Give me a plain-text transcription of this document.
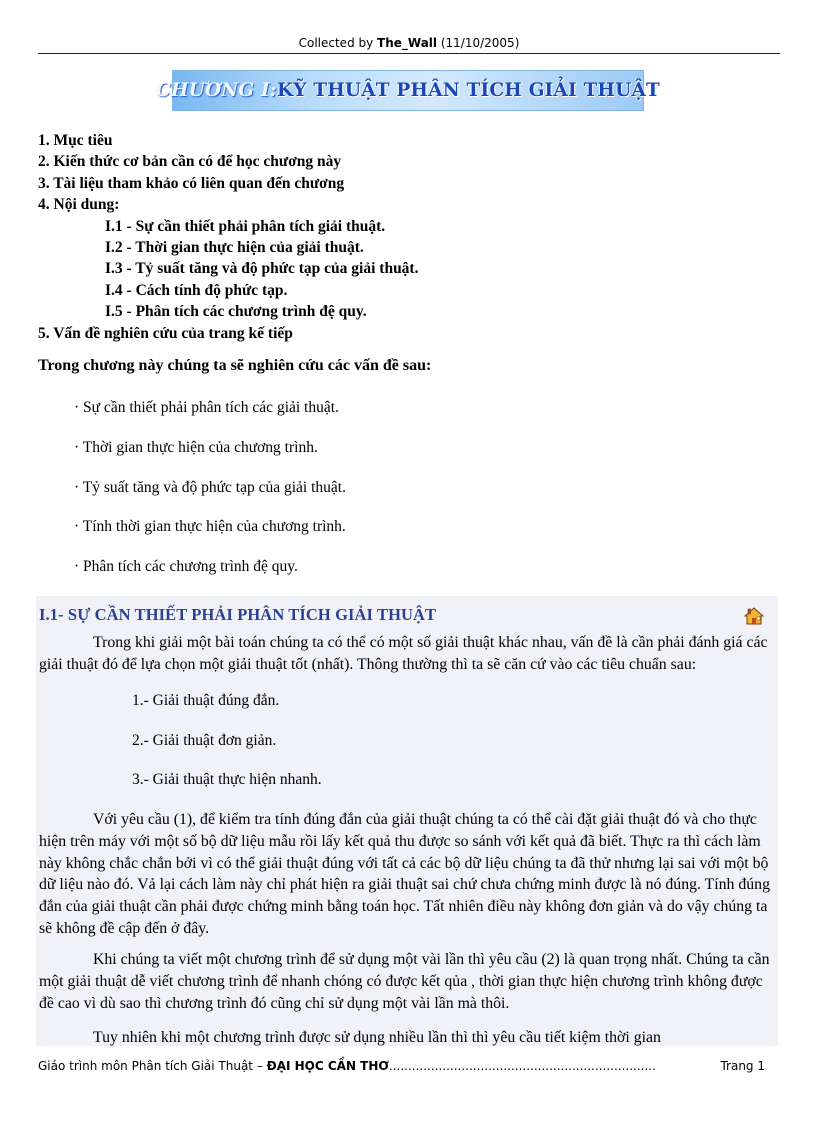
Collected by The_Wall (11/10/2005)
CHƯƠNG I: KỸ THUẬT PHÂN TÍCH GIẢI THUẬT
1. Mục tiêu
2. Kiến thức cơ bản cần có để học chương này
3. Tài liệu tham khảo có liên quan đến chương
4. Nội dung:
I.1 - Sự cần thiết phải phân tích giải thuật.
I.2 - Thời gian thực hiện của giải thuật.
I.3 - Tỷ suất tăng và độ phức tạp của giải thuật.
I.4 - Cách tính độ phức tạp.
I.5 - Phân tích các chương trình đệ quy.
5. Vấn đề nghiên cứu của trang kế tiếp
Trong chương này chúng ta sẽ nghiên cứu các vấn đề sau:
· Sự cần thiết phải phân tích các giải thuật.
· Thời gian thực hiện của chương trình.
· Tỷ suất tăng và độ phức tạp của giải thuật.
· Tính thời gian thực hiện của chương trình.
· Phân tích các chương trình đệ quy.
I.1- SỰ CẦN THIẾT PHẢI PHÂN TÍCH GIẢI THUẬT
Trong khi giải một bài toán chúng ta có thể có một số giải thuật khác nhau, vấn đề là cần phải đánh giá các giải thuật đó để lựa chọn một giải thuật tốt (nhất). Thông thường thì ta sẽ căn cứ vào các tiêu chuẩn sau:
1.- Giải thuật đúng đắn.
2.- Giải thuật đơn giản.
3.- Giải thuật thực hiện nhanh.
Với yêu cầu (1), để kiểm tra tính đúng đắn của giải thuật chúng ta có thể cài đặt giải thuật đó và cho thực hiện trên máy với một số bộ dữ liệu mẫu rồi lấy kết quả thu được so sánh với kết quả đã biết. Thực ra thì cách làm này không chắc chắn bởi vì có thể giải thuật đúng với tất cả các bộ dữ liệu chúng ta đã thử nhưng lại sai với một bộ dữ liệu nào đó. Vả lại cách làm này chỉ phát hiện ra giải thuật sai chứ chưa chứng minh được là nó đúng. Tính đúng đắn của giải thuật cần phải được chứng minh bằng toán học. Tất nhiên điều này không đơn giản và do vậy chúng ta sẽ không đề cập đến ở đây.
Khi chúng ta viết một chương trình để sử dụng một vài lần thì yêu cầu (2) là quan trọng nhất. Chúng ta cần một giải thuật dễ viết chương trình để nhanh chóng có được kết qủa , thời gian thực hiện chương trình không được đề cao vì dù sao thì chương trình đó cũng chỉ sử dụng một vài lần mà thôi.
Tuy nhiên khi một chương trình được sử dụng nhiều lần thì thì yêu cầu tiết kiệm thời gian
Giáo trình môn Phân tích Giải Thuật – ĐẠI HỌC CẦN THƠ......................................................................	Trang 1
